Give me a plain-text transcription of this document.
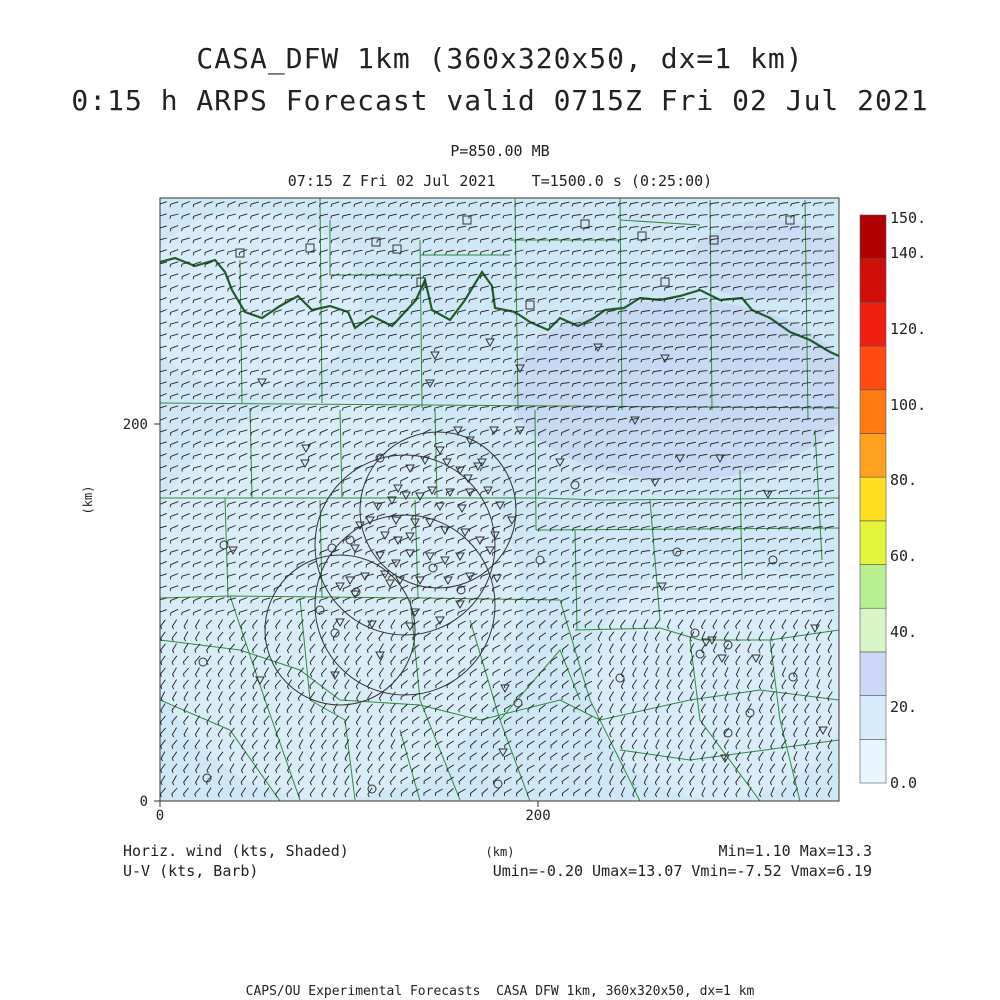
0	200
0
200
(km)
(km)
150.
140.
120.
100.
80.
60.
40.
20.
0.0
CASA_DFW 1km (360x320x50, dx=1 km)
0:15 h ARPS Forecast valid 0715Z Fri 02 Jul 2021
P=850.00 MB
07:15 Z Fri 02 Jul 2021    T=1500.0 s (0:25:00)
Horiz. wind (kts, Shaded)
U-V (kts, Barb)
Min=1.10 Max=13.3
Umin=-0.20 Umax=13.07 Vmin=-7.52 Vmax=6.19
CAPS/OU Experimental Forecasts  CASA DFW 1km, 360x320x50, dx=1 km
